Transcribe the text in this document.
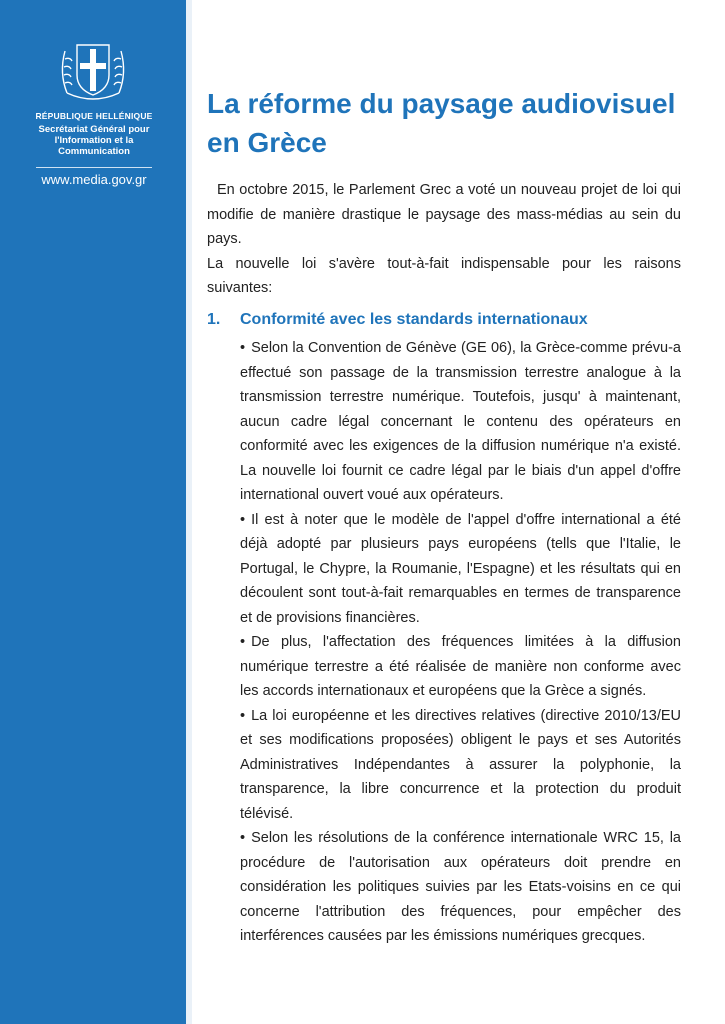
RÉPUBLIQUE HELLÉNIQUE
Secrétariat Général pour l'Information et la Communication
www.media.gov.gr
La réforme du paysage audiovisuel en Grèce

En octobre 2015, le Parlement Grec a voté un nouveau projet de loi qui modifie de manière drastique le paysage des mass-médias au sein du pays.

La nouvelle loi s'avère tout-à-fait indispensable pour les raisons suivantes:

1.	Conformité avec les standards internationaux

• Selon la Convention de Génève (GE 06), la Grèce-comme prévu-a effectué son passage de la transmission terrestre analogue à la transmission terrestre numérique. Toutefois, jusqu' à maintenant, aucun cadre légal concernant le contenu des opérateurs en conformité avec les exigences de la diffusion numérique n'a existé. La nouvelle loi fournit ce cadre légal par le biais d'un appel d'offre international ouvert voué aux opérateurs.

• Il est à noter que le modèle de l'appel d'offre international a été déjà adopté par plusieurs pays européens (tells que l'Italie, le Portugal, le Chypre, la Roumanie, l'Espagne) et les résultats qui en découlent sont tout-à-fait remarquables en termes de transparence et de provisions financières.

• De plus, l'affectation des fréquences limitées à la diffusion numérique terrestre a été réalisée de manière non conforme avec les accords internationaux et européens que la Grèce a signés.

• La loi européenne et les directives relatives (directive 2010/13/EU et ses modifications proposées) obligent le pays et ses Autorités Administratives Indépendantes à assurer la polyphonie, la transparence, la libre concurrence et la protection du produit télévisé.

• Selon les résolutions de la conférence internationale WRC 15, la procédure de l'autorisation aux opérateurs doit prendre en considération les politiques suivies par les Etats-voisins en ce qui concerne l'attribution des fréquences, pour empêcher des interférences causées par les émissions numériques grecques.
